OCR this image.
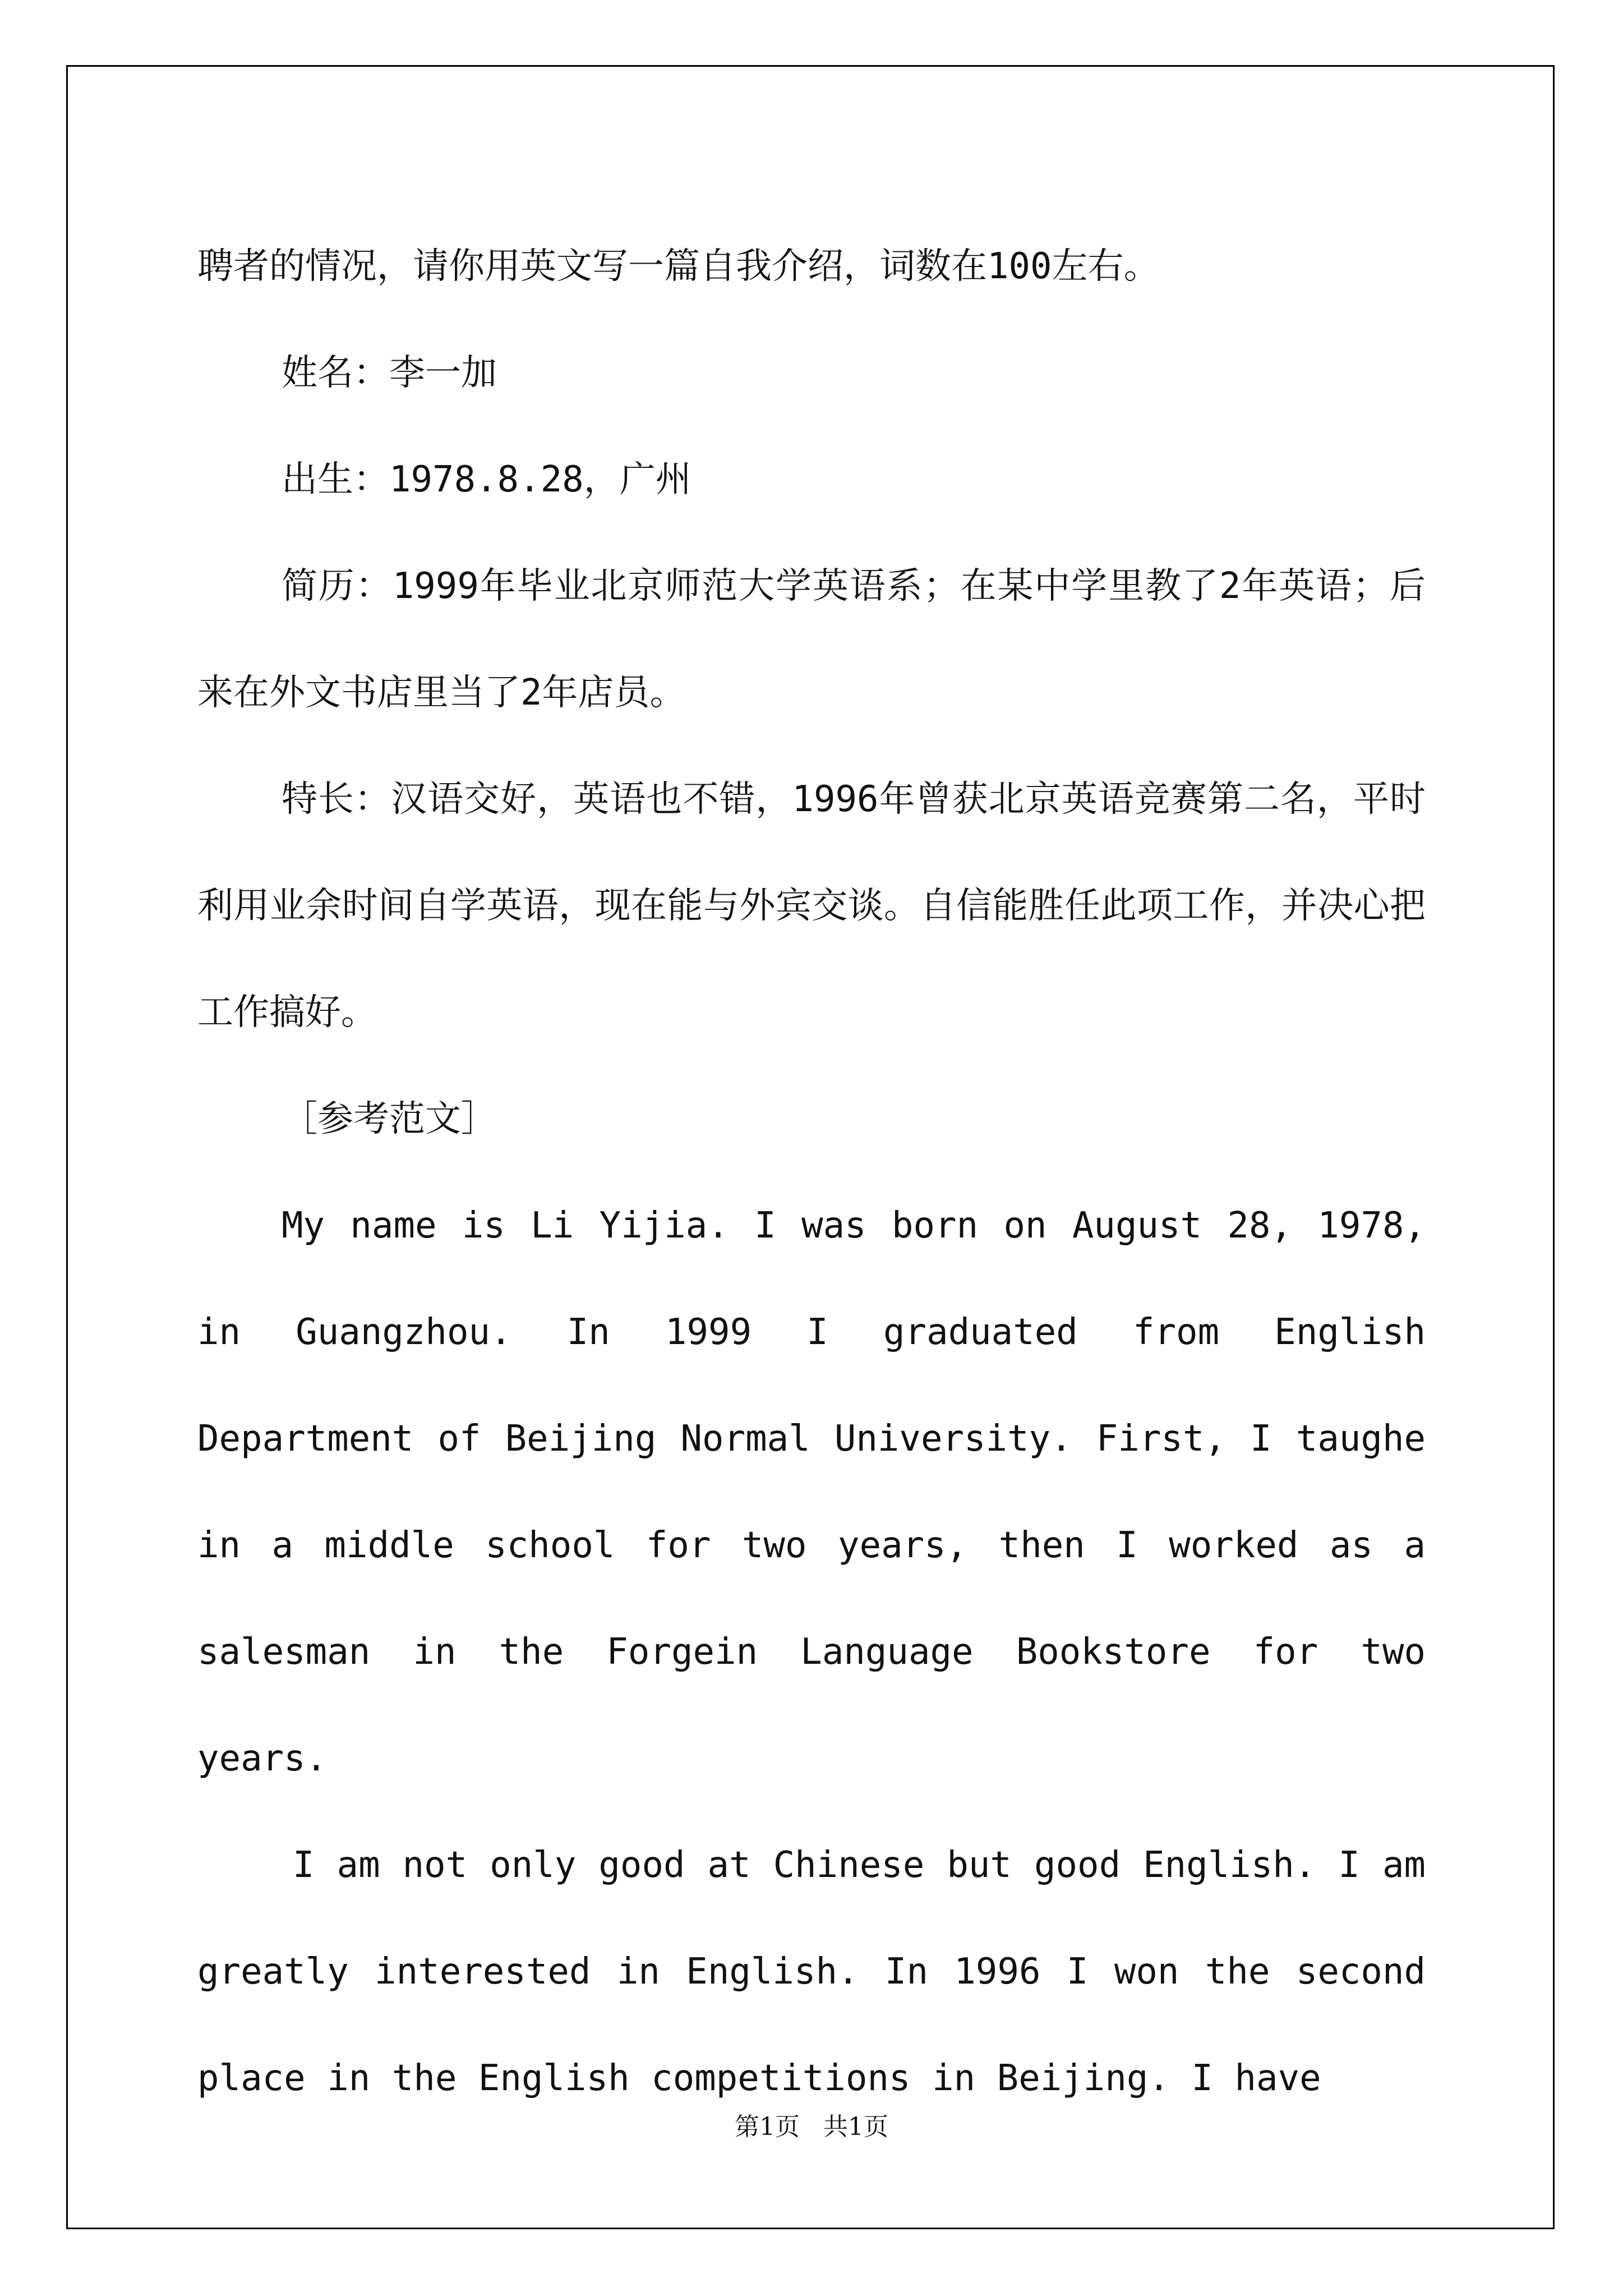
聘者的情况，请你用英文写一篇自我介绍，词数在100左右。

姓名：李一加

出生：1978.8.28，广州

简历：1999年毕业北京师范大学英语系；在某中学里教了2年英语；后来在外文书店里当了2年店员。

特长：汉语交好，英语也不错，1996年曾获北京英语竞赛第二名，平时利用业余时间自学英语，现在能与外宾交谈。自信能胜任此项工作，并决心把工作搞好。

［参考范文］

My name is Li Yijia. I was born on August 28, 1978, in Guangzhou. In 1999 I graduated from English Department of Beijing Normal University. First, I taughe in a middle school for two years, then I worked as a salesman in the Forgein Language Bookstore for two years.

I am not only good at Chinese but good English. I am greatly interested in English. In 1996 I won the second place in the English competitions in Beijing. I have

第1页   共1页
